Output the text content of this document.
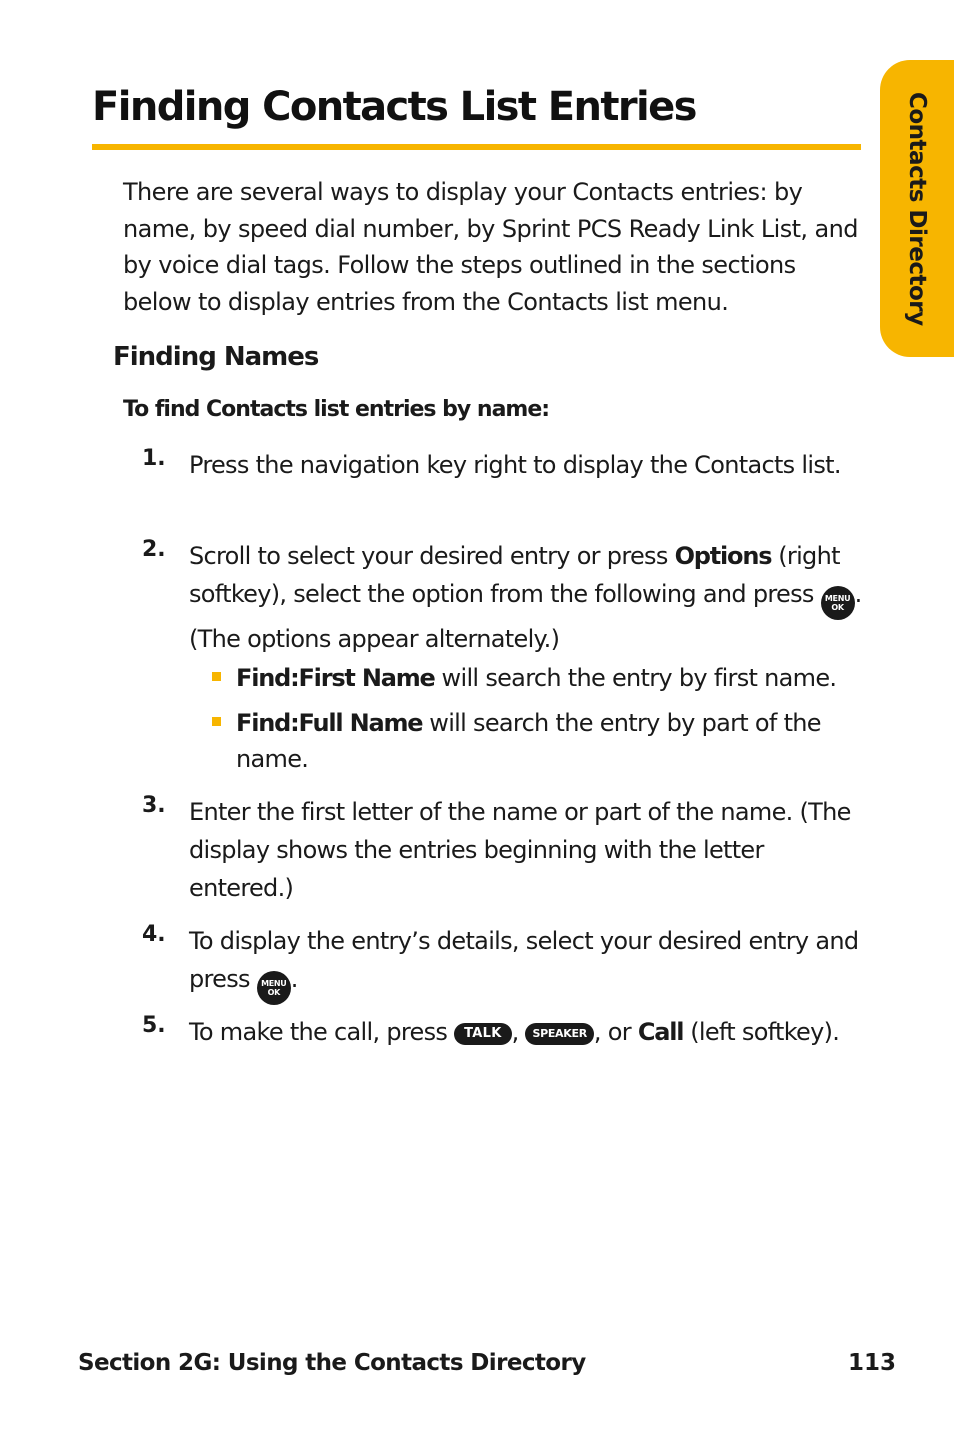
Contacts Directory
Finding Contacts List Entries

There are several ways to display your Contacts entries: by name, by speed dial number, by Sprint PCS Ready Link List, and by voice dial tags. Follow the steps outlined in the sections below to display entries from the Contacts list menu.

Finding Names

To find Contacts list entries by name:

1. Press the navigation key right to display the Contacts list.

2. Scroll to select your desired entry or press Options (right softkey), select the option from the following and press MENU
OK . (The options appear alternately.)

Find:First Name will search the entry by first name.

Find:Full Name will search the entry by part of the name.

3. Enter the first letter of the name or part of the name. (The display shows the entries beginning with the letter entered.)

4. To display the entry’s details, select your desired entry and press MENU
OK .

5. To make the call, press TALK , SPEAKER , or Call (left softkey).

Section 2G: Using the Contacts Directory	113
